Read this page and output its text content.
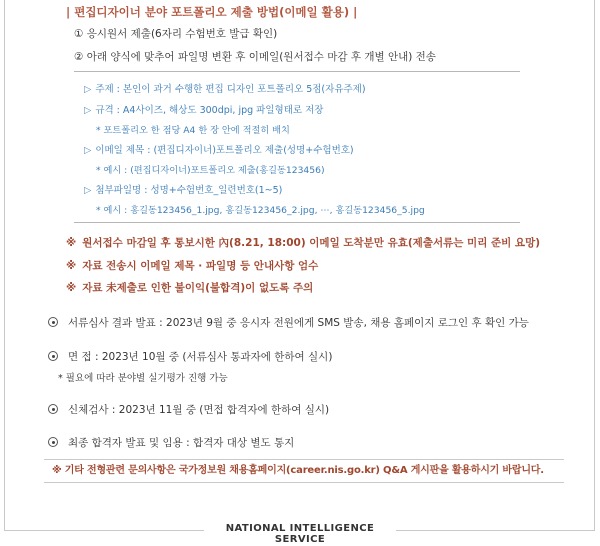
| 편집디자이너 분야 포트폴리오 제출 방법(이메일 활용) |
① 응시원서 제출(6자리 수험번호 발급 확인)
② 아래 양식에 맞추어 파일명 변환 후 이메일(원서접수 마감 후 개별 안내) 전송
▷ 주제 : 본인이 과거 수행한 편집 디자인 포트폴리오 5점(자유주제)
▷ 규격 : A4사이즈, 해상도 300dpi, jpg 파일형태로 저장
* 포트폴리오 한 점당 A4 한 장 안에 적절히 배치
▷ 이메일 제목 : (편집디자이너)포트폴리오 제출(성명+수험번호)
* 예시 : (편집디자이너)포트폴리오 제출(홍길동123456)
▷ 첨부파일명 : 성명+수험번호_일련번호(1~5)
* 예시 : 홍길동123456_1.jpg, 홍길동123456_2.jpg, ⋯, 홍길동123456_5.jpg
※ 원서접수 마감일 후 통보시한 內(8.21, 18:00) 이메일 도착분만 유효(제출서류는 미리 준비 요망)
※ 자료 전송시 이메일 제목 · 파일명 등 안내사항 엄수
※ 자료 未제출로 인한 불이익(불합격)이 없도록 주의
서류심사 결과 발표 : 2023년 9월 중 응시자 전원에게 SMS 발송, 채용 홈페이지 로그인 후 확인 가능
면 접 : 2023년 10월 중 (서류심사 통과자에 한하여 실시)
* 필요에 따라 분야별 실기평가 진행 가능
신체검사 : 2023년 11월 중 (면접 합격자에 한하여 실시)
최종 합격자 발표 및 임용 : 합격자 대상 별도 통지
※ 기타 전형관련 문의사항은 국가정보원 채용홈페이지(career.nis.go.kr) Q&A 게시판을 활용하시기 바랍니다.
NATIONAL INTELLIGENCE SERVICE
